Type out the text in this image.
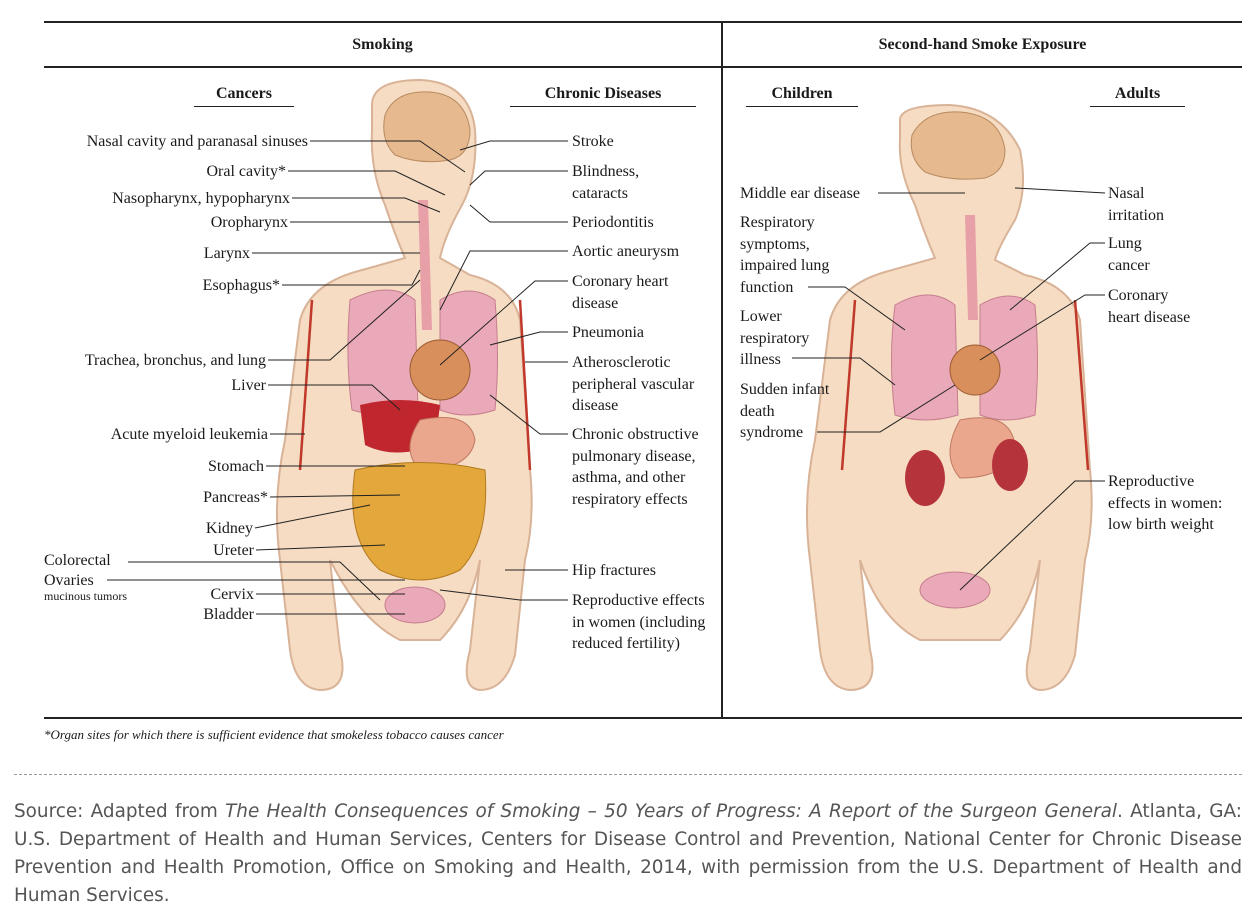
Smoking	Second-hand Smoke Exposure
Cancers	Chronic Diseases	Children	Adults
Nasal cavity and paranasal sinuses
Oral cavity*
Nasopharynx, hypopharynx
Oropharynx
Larynx
Esophagus*
Trachea, bronchus, and lung
Liver
Acute myeloid leukemia
Stomach
Pancreas*
Kidney
Ureter
Colorectal
Ovaries
mucinous tumors	Cervix
Bladder
Stroke
Blindness, cataracts
Periodontitis
Aortic aneurysm
Coronary heart disease
Pneumonia
Atherosclerotic peripheral vascular disease
Chronic obstructive pulmonary disease, asthma, and other respiratory effects
Hip fractures
Reproductive effects in women (including reduced fertility)
Middle ear disease
Respiratory symptoms, impaired lung function
Lower respiratory illness
Sudden infant death syndrome
Nasal irritation
Lung cancer
Coronary heart disease
Reproductive effects in women: low birth weight
*Organ sites for which there is sufficient evidence that smokeless tobacco causes cancer
Source: Adapted from The Health Consequences of Smoking – 50 Years of Progress: A Report of the Surgeon General. Atlanta, GA: U.S. Department of Health and Human Services, Centers for Disease Control and Prevention, National Center for Chronic Disease Prevention and Health Promotion, Office on Smoking and Health, 2014, with permission from the U.S. Department of Health and Human Services.
